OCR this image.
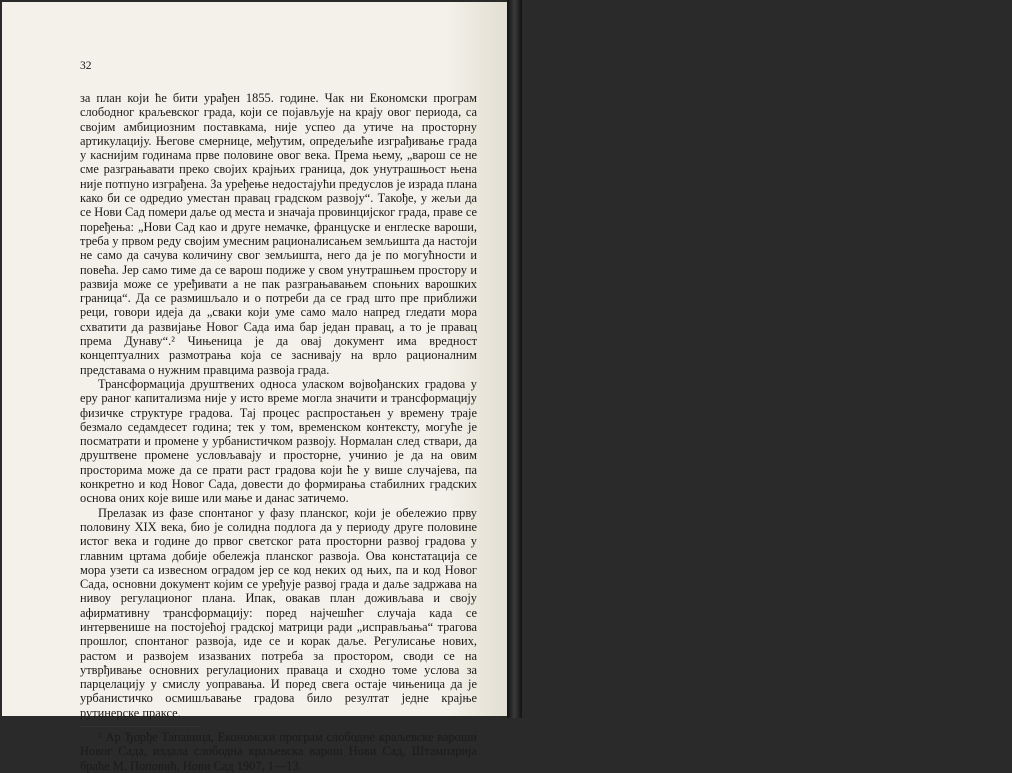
32

за план који ће бити урађен 1855. године. Чак ни Економски програм слободног краљевског града, који се појављује на крају овог периода, са својим амбициозним поставкама, није успео да утиче на просторну артикулацију. Његове смернице, међутим, опредељиће изграђивање града у каснијим годинама прве половине овог века. Према њему, „варош се не сме разграњавати преко својих крајњих граница, док унутрашњост њена није потпуно изграђена. За уређење недостајући предуслов је израда плана како би се одредио уместан правац градском развоју“. Такође, у жељи да се Нови Сад помери даље од места и значаја провинцијског града, праве се поређења: „Нови Сад као и друге немачке, француске и енглеске вароши, треба у првом реду својим умесним рационалисањем земљишта да настоји не само да сачува количину свог земљишта, него да је по могућности и повећа. Јер само тиме да се варош подиже у свом унутрашњем простору и развија може се уређивати а не пак разграњавањем споњних варошких граница“. Да се размишљало и о потреби да се град што пре приближи реци, говори идеја да „сваки који уме само мало напред гледати мора схватити да развијање Новог Сада има бар један правац, а то је правац према Дунаву“.² Чињеница је да овај документ има вредност концептуалних размотрања која се заснивају на врло рационалним представама о нужним правцима развоја града.

Трансформација друштвених односа уласком војвођанских градова у еру раног капитализма није у исто време могла значити и трансформацију физичке структуре градова. Тај процес распростањен у времену траје безмало седамдесет година; тек у том, временском контексту, могуће је посматрати и промене у урбанистичком развоју. Нормалан след ствари, да друштвене промене условљавају и просторне, учинио је да на овим просторима може да се прати раст градова који ће у више случајева, па конкретно и код Новог Сада, довести до формирања стабилних градских основа оних које више или мање и данас затичемо.

Прелазак из фазе спонтаног у фазу планског, који је обележио прву половину XIX века, био је солидна подлога да у периоду друге половине истог века и године до првог светског рата просторни развој градова у главним цртама добије обележја планског развоја. Ова констатација се мора узети са извесном оградом јер се код неких од њих, па и код Новог Сада, основни документ којим се уређује развој града и даље задржава на нивоу регулационог плана. Ипак, овакав план доживљава и своју афирмативну трансформацију: поред најчешћег случаја када се интервенише на постојећој градској матрици ради „исправљања“ трагова прошлог, спонтаног развоја, иде се и корак даље. Регулисање нових, растом и развојем изазваних потреба за простором, своди се на утврђивање основних регулационих праваца и сходно томе услова за парцелацију у смислу уоправања. И поред свега остаје чињеница да је урбанистичко осмишљавање градова било резултат једне крајње рутинерске праксе.

² Ар Ђорђе Тапавица, Економски програм слободне краљевске вароши Новог Сада, издала слободна краљевска варош Нови Сад, Штампарија браће М. Поповић, Нови Сад 1907, 1—13.
